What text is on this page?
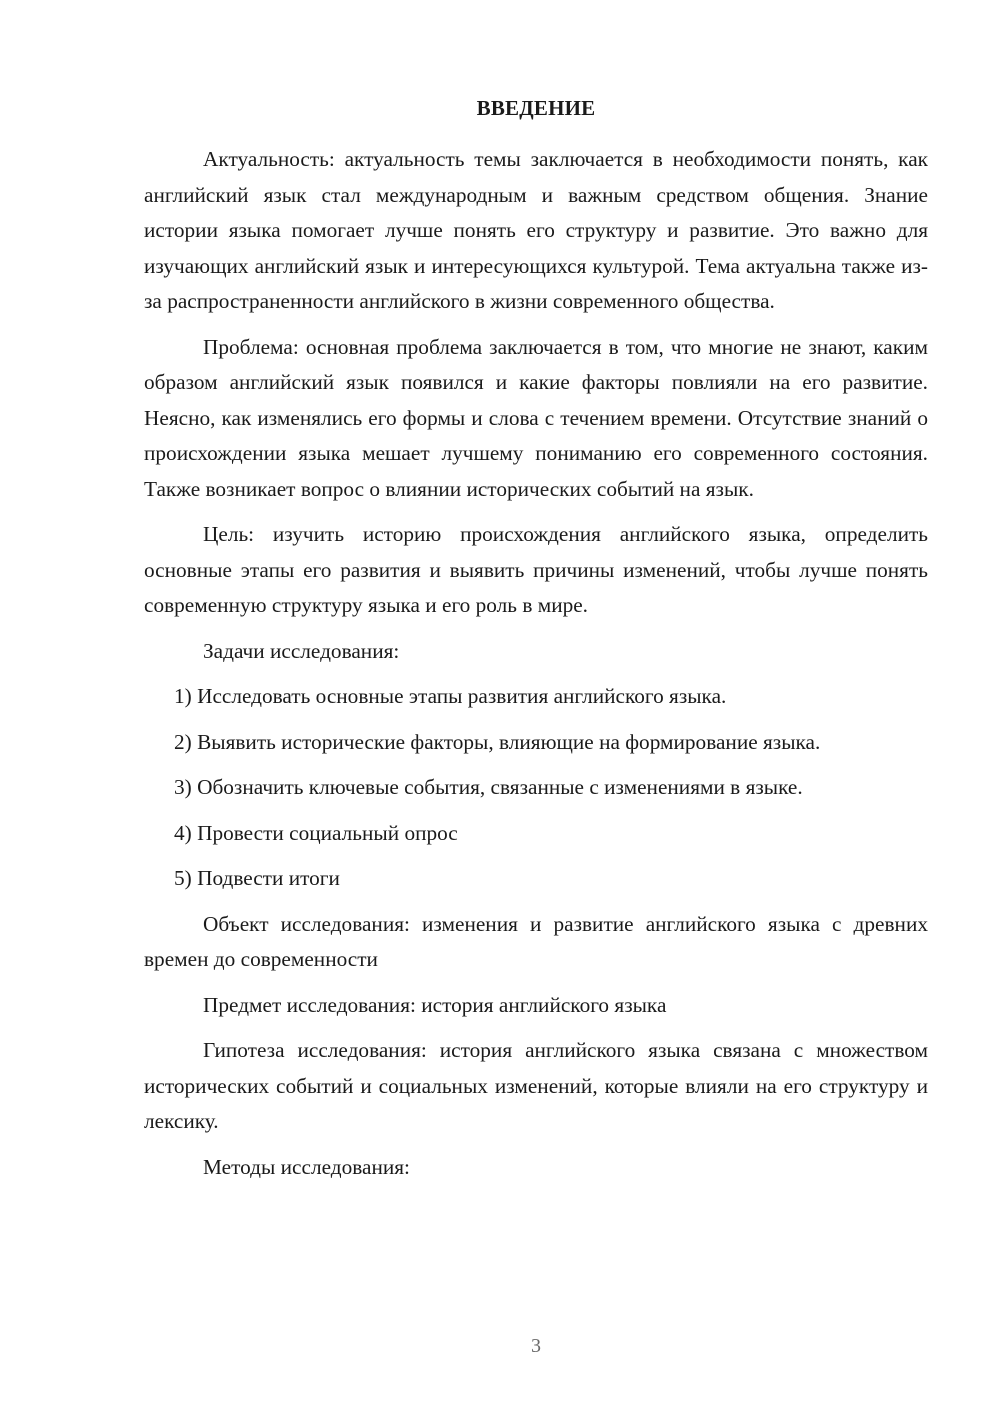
ВВЕДЕНИЕ

Актуальность: актуальность темы заключается в необходимости понять, как английский язык стал международным и важным средством общения. Знание истории языка помогает лучше понять его структуру и развитие. Это важно для изучающих английский язык и интересующихся культурой. Тема актуальна также из-за распространенности английского в жизни современного общества.

Проблема: основная проблема заключается в том, что многие не знают, каким образом английский язык появился и какие факторы повлияли на его развитие. Неясно, как изменялись его формы и слова с течением времени. Отсутствие знаний о происхождении языка мешает лучшему пониманию его современного состояния. Также возникает вопрос о влиянии исторических событий на язык.

Цель: изучить историю происхождения английского языка, определить основные этапы его развития и выявить причины изменений, чтобы лучше понять современную структуру языка и его роль в мире.

Задачи исследования:

1) Исследовать основные этапы развития английского языка.

2) Выявить исторические факторы, влияющие на формирование языка.

3) Обозначить ключевые события, связанные с изменениями в языке.

4) Провести социальный опрос

5) Подвести итоги

Объект исследования: изменения и развитие английского языка с древних времен до современности

Предмет исследования: история английского языка

Гипотеза исследования: история английского языка связана с множеством исторических событий и социальных изменений, которые влияли на его структуру и лексику.

Методы исследования:

3
